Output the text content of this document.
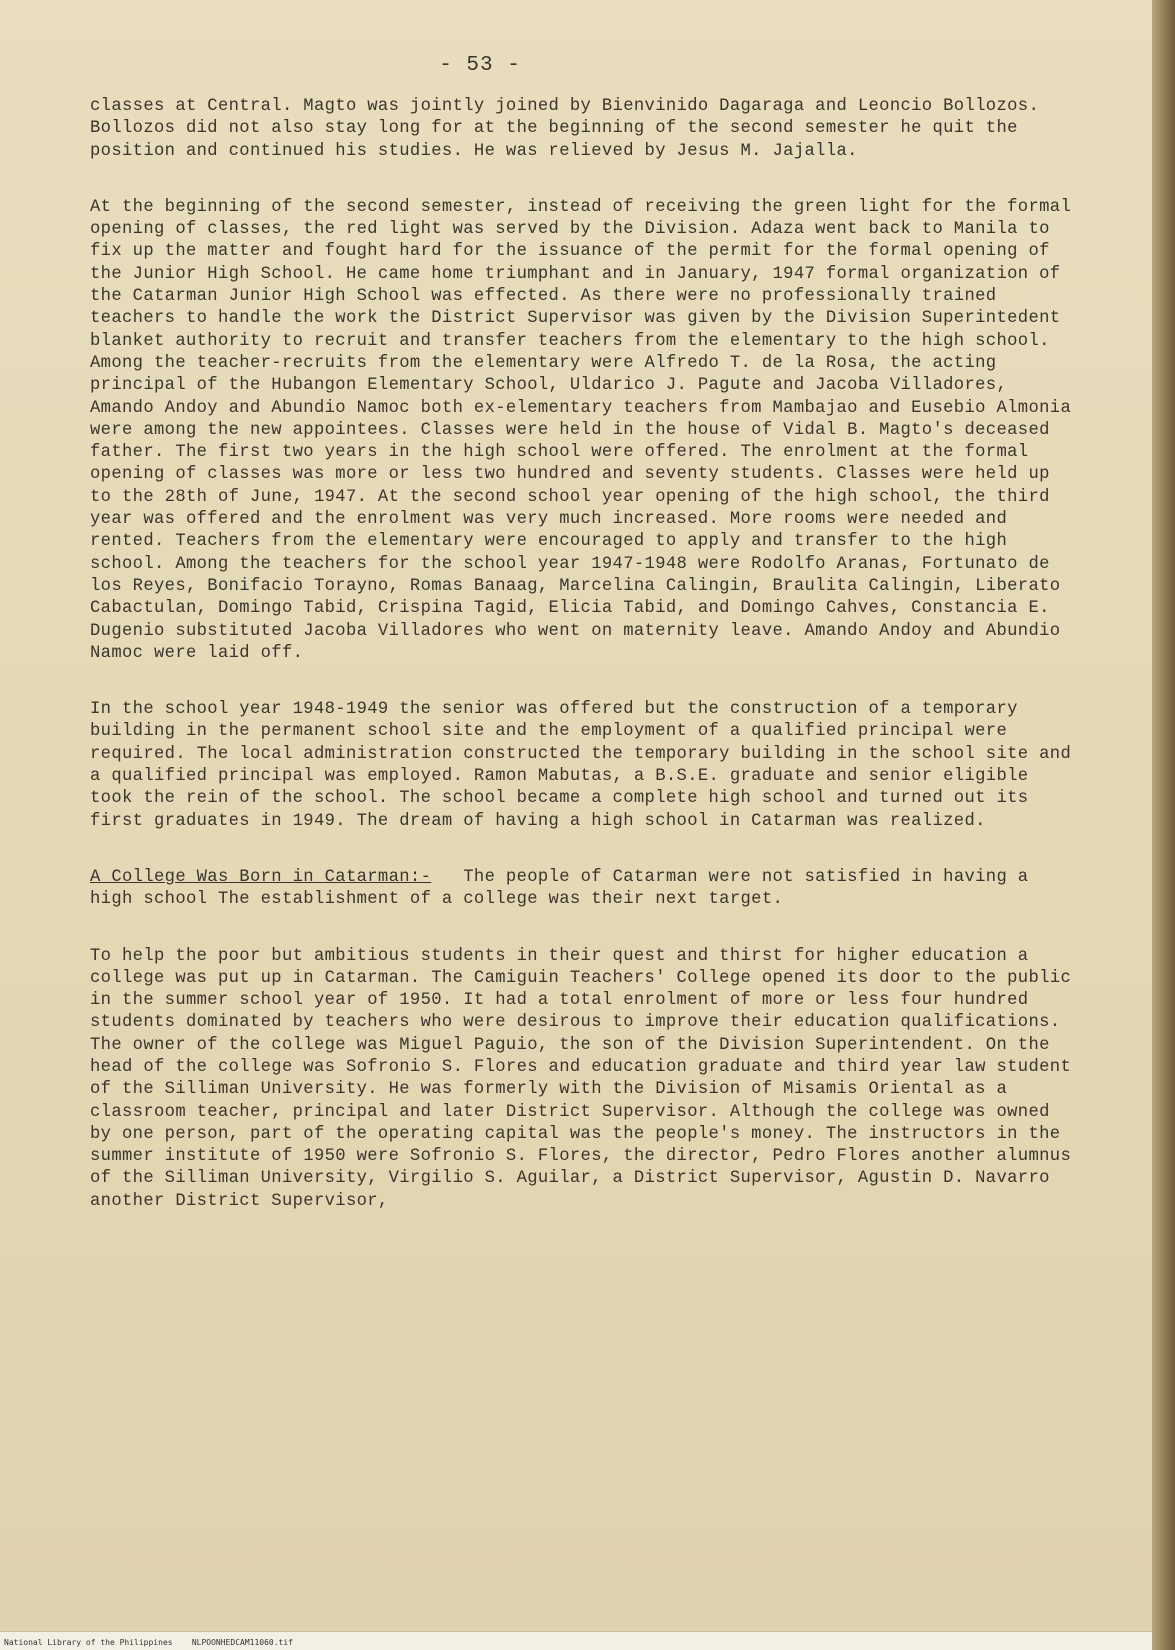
- 53 -

classes at Central. Magto was jointly joined by Bienvinido Dagaraga and Leoncio Bollozos. Bollozos did not also stay long for at the beginning of the second semester he quit the position and continued his studies. He was relieved by Jesus M. Jajalla.

At the beginning of the second semester, instead of receiving the green light for the formal opening of classes, the red light was served by the Division. Adaza went back to Manila to fix up the matter and fought hard for the issuance of the permit for the formal opening of the Junior High School. He came home triumphant and in January, 1947 formal organization of the Catarman Junior High School was effected. As there were no professionally trained teachers to handle the work the District Supervisor was given by the Division Superintedent blanket authority to recruit and transfer teachers from the elementary to the high school. Among the teacher-recruits from the elementary were Alfredo T. de la Rosa, the acting principal of the Hubangon Elementary School, Uldarico J. Pagute and Jacoba Villadores, Amando Andoy and Abundio Namoc both ex-elementary teachers from Mambajao and Eusebio Almonia were among the new appointees. Classes were held in the house of Vidal B. Magto's deceased father. The first two years in the high school were offered. The enrolment at the formal opening of classes was more or less two hundred and seventy students. Classes were held up to the 28th of June, 1947. At the second school year opening of the high school, the third year was offered and the enrolment was very much increased. More rooms were needed and rented. Teachers from the elementary were encouraged to apply and transfer to the high school. Among the teachers for the school year 1947-1948 were Rodolfo Aranas, Fortunato de los Reyes, Bonifacio Torayno, Romas Banaag, Marcelina Calingin, Braulita Calingin, Liberato Cabactulan, Domingo Tabid, Crispina Tagid, Elicia Tabid, and Domingo Cahves, Constancia E. Dugenio substituted Jacoba Villadores who went on maternity leave. Amando Andoy and Abundio Namoc were laid off.

In the school year 1948-1949 the senior was offered but the construction of a temporary building in the permanent school site and the employment of a qualified principal were required. The local administration constructed the temporary building in the school site and a qualified principal was employed. Ramon Mabutas, a B.S.E. graduate and senior eligible took the rein of the school. The school became a complete high school and turned out its first graduates in 1949. The dream of having a high school in Catarman was realized.

A College Was Born in Catarman:- The people of Catarman were not satisfied in having a high school The establishment of a college was their next target.

To help the poor but ambitious students in their quest and thirst for higher education a college was put up in Catarman. The Camiguin Teachers' College opened its door to the public in the summer school year of 1950. It had a total enrolment of more or less four hundred students dominated by teachers who were desirous to improve their education qualifications. The owner of the college was Miguel Paguio, the son of the Division Superintendent. On the head of the college was Sofronio S. Flores and education graduate and third year law student of the Silliman University. He was formerly with the Division of Misamis Oriental as a classroom teacher, principal and later District Supervisor. Although the college was owned by one person, part of the operating capital was the people's money. The instructors in the summer institute of 1950 were Sofronio S. Flores, the director, Pedro Flores another alumnus of the Silliman University, Virgilio S. Aguilar, a District Supervisor, Agustin D. Navarro another District Supervisor,

National Library of the Philippines    NLPOONHEDCAM11060.tif
